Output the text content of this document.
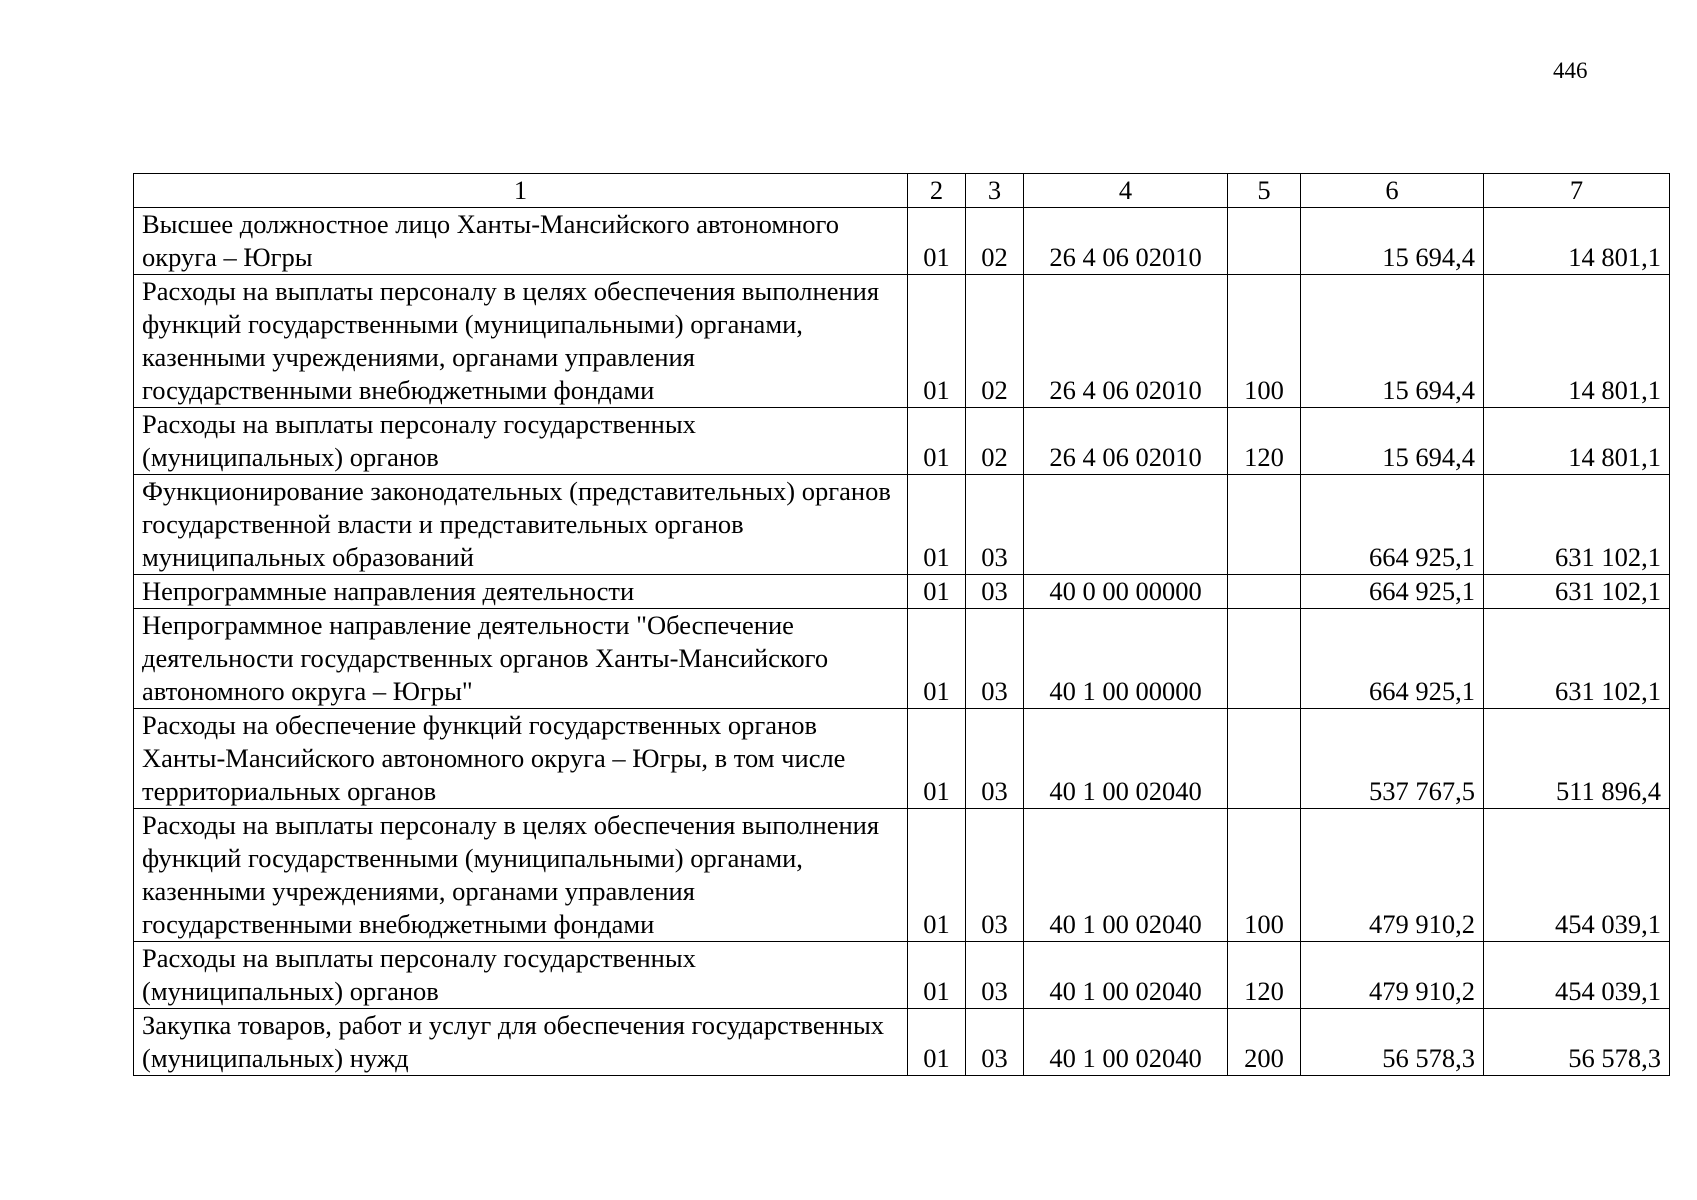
446
1	2	3	4	5	6	7
Высшее должностное лицо Ханты-Мансийского автономного округа – Югры	01	02	26 4 06 02010		15 694,4	14 801,1
Расходы на выплаты персоналу в целях обеспечения выполнения функций государственными (муниципальными) органами, казенными учреждениями, органами управления государственными внебюджетными фондами	01	02	26 4 06 02010	100	15 694,4	14 801,1
Расходы на выплаты персоналу государственных (муниципальных) органов	01	02	26 4 06 02010	120	15 694,4	14 801,1
Функционирование законодательных (представительных) органов государственной власти и представительных органов муниципальных образований	01	03			664 925,1	631 102,1
Непрограммные направления деятельности	01	03	40 0 00 00000		664 925,1	631 102,1
Непрограммное направление деятельности "Обеспечение деятельности государственных органов Ханты-Мансийского автономного округа – Югры"	01	03	40 1 00 00000		664 925,1	631 102,1
Расходы на обеспечение функций государственных органов Ханты-Мансийского автономного округа – Югры, в том числе территориальных органов	01	03	40 1 00 02040		537 767,5	511 896,4
Расходы на выплаты персоналу в целях обеспечения выполнения функций государственными (муниципальными) органами, казенными учреждениями, органами управления государственными внебюджетными фондами	01	03	40 1 00 02040	100	479 910,2	454 039,1
Расходы на выплаты персоналу государственных (муниципальных) органов	01	03	40 1 00 02040	120	479 910,2	454 039,1
Закупка товаров, работ и услуг для обеспечения государственных (муниципальных) нужд	01	03	40 1 00 02040	200	56 578,3	56 578,3
